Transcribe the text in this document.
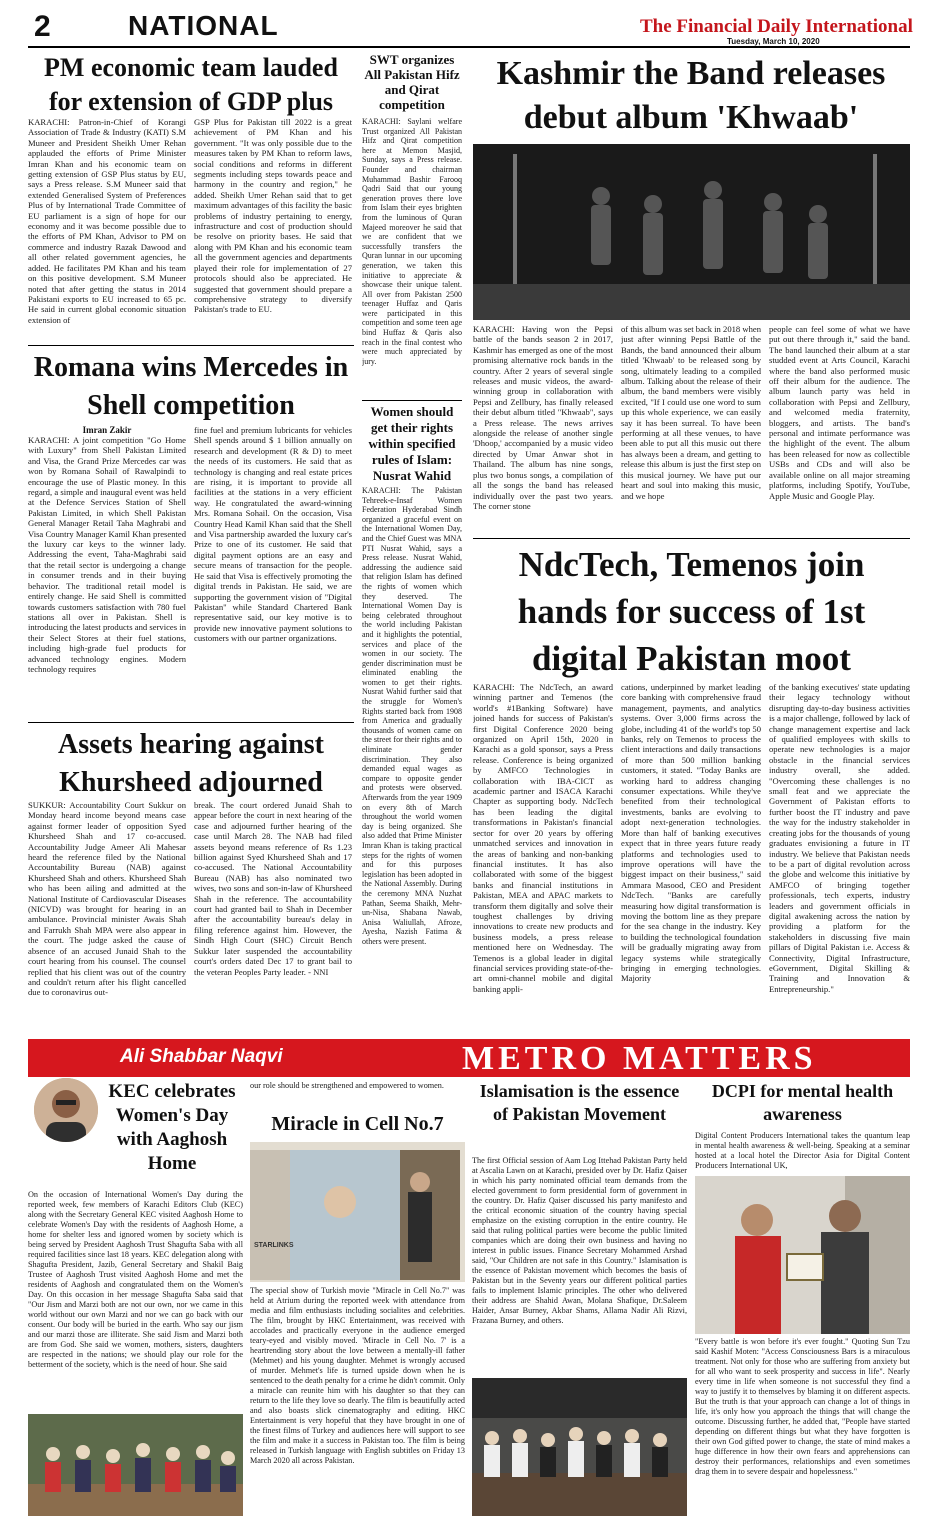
2	NATIONAL	The Financial Daily International
Tuesday, March 10, 2020
PM economic team lauded for extension of GDP plus
KARACHI: Patron-in-Chief of Korangi Association of Trade & Industry (KATI) S.M Muneer and President Sheikh Umer Rehan applauded the efforts of Prime Minister Imran Khan and his economic team on getting extension of GSP Plus status by EU, says a Press release. S.M Muneer said that extended Generalised System of Preferences Plus of by International Trade Committee of EU parliament is a sign of hope for our economy and it was become possible due to the efforts of PM Khan, Advisor to PM on commerce and industry Razak Dawood and all other related government agencies, he added. He facilitates PM Khan and his team on this positive development. S.M Muneer noted that after getting the status in 2014 Pakistani exports to EU increased to 65 pc. He said in current global economic situation extension of
GSP Plus for Pakistan till 2022 is a great achievement of PM Khan and his government. "It was only possible due to the measures taken by PM Khan to reform laws, social conditions and reforms in different segments including steps towards peace and harmony in the country and region," he added. Sheikh Umer Rehan said that to get maximum advantages of this facility the basic problems of industry pertaining to energy, infrastructure and cost of production should be resolve on priority bases. He said that along with PM Khan and his economic team all the government agencies and departments played their role for implementation of 27 protocols should also be appreciated. He suggested that government should prepare a comprehensive strategy to diversify Pakistan's trade to EU.
SWT organizes All Pakistan Hifz and Qirat competition
KARACHI: Saylani welfare Trust organized All Pakistan Hifz and Qirat competition here at Memon Masjid, Sunday, says a Press release. Founder and chairman Muhammad Bashir Farooq Qadri Said that our young generation proves there love from Islam their eyes brighten from the luminous of Quran Majeed moreover he said that we are confident that we successfully transfers the Quran lunnar in our upcoming generation, we taken this initiative to appreciate & showcase their unique talent. All over from Pakistan 2500 teenager Huffaz and Qaris were participated in this competition and some teen age bind Huffaz & Qaris also reach in the final contest who were much appreciated by jury.
Kashmir the Band releases debut album 'Khwaab'
KARACHI: Having won the Pepsi battle of the bands season 2 in 2017, Kashmir has emerged as one of the most promising alternative rock bands in the country. After 2 years of several single releases and music videos, the award-winning group in collaboration with Pepsi and Zellbury, has finally released their debut album titled "Khwaab", says a Press release. The news arrives alongside the release of another single 'Dhoop,' accompanied by a music video directed by Umar Anwar shot in Thailand. The album has nine songs, plus two bonus songs, a compilation of all the songs the band has released individually over the past two years. The corner stone
of this album was set back in 2018 when just after winning Pepsi Battle of the Bands, the band announced their album titled 'Khwaab' to be released song by song, ultimately leading to a compiled album. Talking about the release of their album, the band members were visibly excited, "If I could use one word to sum up this whole experience, we can easily say it has been surreal. To have been performing at all these venues, to have been able to put all this music out there has always been a dream, and getting to release this album is just the first step on this musical journey. We have put our heart and soul into making this music, and we hope
people can feel some of what we have put out there through it," said the band. The band launched their album at a star studded event at Arts Council, Karachi where the band also performed music off their album for the audience. The album launch party was held in collaboration with Pepsi and Zellbury, and welcomed media fraternity, bloggers, and artists. The band's personal and intimate performance was the highlight of the event. The album has been released for now as collectible USBs and CDs and will also be available online on all major streaming platforms, including Spotify, YouTube, Apple Music and Google Play.
Romana wins Mercedes in Shell competition
Imran Zakir
KARACHI: A joint competition "Go Home with Luxury" from Shell Pakistan Limited and Visa, the Grand Prize Mercedes car was won by Romana Sohail of Rawalpindi to encourage the use of Plastic money. In this regard, a simple and inaugural event was held at the Defence Services Station of Shell Pakistan Limited, in which Shell Pakistan General Manager Retail Taha Maghrabi and Visa Country Manager Kamil Khan presented the luxury car keys to the winner lady. Addressing the event, Taha-Maghrabi said that the retail sector is undergoing a change in consumer trends and in their buying behavior. The traditional retail model is entirely change. He said Shell is committed towards customers satisfaction with 780 fuel stations all over in Pakistan. Shell is introducing the latest products and services in their Select Stores at their fuel stations, including high-grade fuel products for advanced technology engines. Modern technology requires
fine fuel and premium lubricants for vehicles Shell spends around $ 1 billion annually on research and development (R & D) to meet the needs of its customers. He said that as technology is changing and real estate prices are rising, it is important to provide all facilities at the stations in a very efficient way. He congratulated the award-winning Mrs. Romana Sohail. On the occasion, Visa Country Head Kamil Khan said that the Shell and Visa partnership awarded the luxury car's Prize to one of its customer. He said that digital payment options are an easy and secure means of transaction for the people. He said that Visa is effectively promoting the digital trends in Pakistan. He said, we are supporting the government vision of "Digital Pakistan" while Standard Chartered Bank representative said, our key motive is to provide new innovative payment solutions to customers with our partner organizations.
Women should get their rights within specified rules of Islam: Nusrat Wahid
KARACHI: The Pakistan Tehreek-e-Insaf Women Federation Hyderabad Sindh organized a graceful event on the International Women Day, and the Chief Guest was MNA PTI Nusrat Wahid, says a Press release. Nusrat Wahid, addressing the audience said that religion Islam has defined the rights of women which they deserved. The International Women Day is being celebrated throughout the world including Pakistan and it highlights the potential, services and place of the women in our society. The gender discrimination must be eliminated enabling the women to get their rights. Nusrat Wahid further said that the struggle for Women's Rights started back from 1908 from America and gradually thousands of women came on the street for their rights and to eliminate gender discrimination. They also demanded equal wages as compare to opposite gender and protests were observed. Afterwards from the year 1909 on every 8th of March throughout the world women day is being organized. She also added that Prime Minister Imran Khan is taking practical steps for the rights of women and for this purposes legislation has been adopted in the National Assembly. During the ceremony MNA Nuzhat Pathan, Seema Shaikh, Mehr-un-Nisa, Shabana Nawab, Anisa Waliullah, Afroze, Ayesha, Nazish Fatima & others were present.
NdcTech, Temenos join hands for success of 1st digital Pakistan moot
KARACHI: The NdcTech, an award winning partner and Temenos (the world's #1Banking Software) have joined hands for success of Pakistan's first Digital Conference 2020 being organized on April 15th, 2020 in Karachi as a gold sponsor, says a Press release. Conference is being organized by AMFCO Technologies in collaboration with IBA-CICT as academic partner and ISACA Karachi Chapter as supporting body. NdcTech has been leading the digital transformations in Pakistan's financial sector for over 20 years by offering unmatched services and innovation in the areas of banking and non-banking financial institutes. It has also collaborated with some of the biggest banks and financial institutions in Pakistan, MEA and APAC markets to transform them digitally and solve their toughest challenges by driving innovations to create new products and business models, a press release mentioned here on Wednesday. The Temenos is a global leader in digital financial services providing state-of-the-art omni-channel mobile and digital banking appli-
cations, underpinned by market leading core banking with comprehensive fraud management, payments, and analytics systems. Over 3,000 firms across the globe, including 41 of the world's top 50 banks, rely on Temenos to process the client interactions and daily transactions of more than 500 million banking customers, it stated. "Today Banks are working hard to address changing consumer expectations. While they've benefited from their technological investments, banks are evolving to adopt next-generation technologies. More than half of banking executives expect that in three years future ready platforms and technologies used to improve operations will have the biggest impact on their business," said Ammara Masood, CEO and President NdcTech. "Banks are carefully measuring how digital transformation is moving the bottom line as they prepare for the sea change in the industry. Key to building the technological foundation will be gradually migrating away from legacy systems while strategically bringing in emerging technologies. Majority
of the banking executives' state updating their legacy technology without disrupting day-to-day business activities is a major challenge, followed by lack of change management expertise and lack of qualified employees with skills to operate new technologies is a major obstacle in the financial services industry overall, she added. "Overcoming these challenges is no small feat and we appreciate the Government of Pakistan efforts to further boost the IT industry and pave the way for the industry stakeholder in creating jobs for the thousands of young graduates envisioning a future in IT industry. We believe that Pakistan needs to be a part of digital revolution across the globe and welcome this initiative by AMFCO of bringing together professionals, tech experts, industry leaders and government officials in digital awakening across the nation by providing a platform for the stakeholders in discussing five main pillars of Digital Pakistan i.e. Access & Connectivity, Digital Infrastructure, eGovernment, Digital Skilling & Training and Innovation & Entrepreneurship."
Assets hearing against Khursheed adjourned
SUKKUR: Accountability Court Sukkur on Monday heard income beyond means case against former leader of opposition Syed Khursheed Shah and 17 co-accused. Accountability Judge Ameer Ali Mahesar heard the reference filed by the National Accountability Bureau (NAB) against Khursheed Shah and others. Khursheed Shah who has been ailing and admitted at the National Institute of Cardiovascular Diseases (NICVD) was brought for hearing in an ambulance. Provincial minister Awais Shah and Farrukh Shah MPA were also appear in the court. The judge asked the cause of absence of an accused Junaid Shah to the court hearing from his counsel. The counsel replied that his client was out of the country and couldn't return after his flight cancelled due to coronavirus out-
break. The court ordered Junaid Shah to appear before the court in next hearing of the case and adjourned further hearing of the case until March 28. The NAB had filed assets beyond means reference of Rs 1.23 billion against Syed Khursheed Shah and 17 co-accused. The National Accountability Bureau (NAB) has also nominated two wives, two sons and son-in-law of Khursheed Shah in the reference. The accountability court had granted bail to Shah in December after the accountability bureau's delay in filing reference against him. However, the Sindh High Court (SHC) Circuit Bench Sukkur later suspended the accountability court's orders dated Dec 17 to grant bail to the veteran Peoples Party leader. - NNI
Ali Shabbar Naqvi	METRO MATTERS
KEC celebrates Women's Day with Aaghosh Home
On the occasion of International Women's Day during the reported week, few members of Karachi Editors Club (KEC) along with the Secretary General KEC visited Aaghosh Home to celebrate Women's Day with the residents of Aaghosh Home, a home for shelter less and ignored women by society which is being served by President Aaghosh Trust Shagufta Saba with all required facilities since last 18 years. KEC delegation along with Shagufta President, Jazib, General Secretary and Shakil Baig Trustee of Aaghosh Trust visited Aaghosh Home and met the residents of Aaghosh and congratulated them on the Women's Day. On this occasion in her message Shagufta Saba said that "Our Jism and Marzi both are not our own, nor we came in this world without our own Marzi and nor we can go back with our consent. Our body will be buried in the earth. Who say our jism and our marzi those are illiterate. She said Jism and Marzi both are from God. She said we women, mothers, sisters, daughters are respected in the nations; we should play our role for the betterment of the society, which is the need of hour. She said
our role should be strengthened and empowered to women.
Miracle in Cell No.7
STARLINKS
The special show of Turkish movie "Miracle in Cell No.7" was held at Atrium during the reported week with attendance from media and film enthusiasts including socialites and celebrities. The film, brought by HKC Entertainment, was received with accolades and practically everyone in the audience emerged teary-eyed and visibly moved. 'Miracle in Cell No. 7' is a heartrending story about the love between a mentally-ill father (Mehmet) and his young daughter. Mehmet is wrongly accused of murder. Mehmet's life is turned upside down when he is sentenced to the death penalty for a crime he didn't commit. Only a miracle can reunite him with his daughter so that they can return to the life they love so dearly. The film is beautifully acted and also boasts slick cinematography and editing. HKC Entertainment is very hopeful that they have brought in one of the finest films of Turkey and audiences here will support to see the film and make it a success in Pakistan too. The film is being released in Turkish language with English subtitles on Friday 13 March 2020 all across Pakistan.
Islamisation is the essence of Pakistan Movement
The first Official session of Aam Log Ittehad Pakistan Party held at Ascalia Lawn on at Karachi, presided over by Dr. Hafiz Qaiser in which his party nominated official team demands from the elected government to form presidential form of government in the country. Dr. Hafiz Qaiser discussed his party manifesto and the critical economic situation of the country having special emphasize on the existing corruption in the entire country. He said that ruling political parties were become the public limited companies which are doing their own business and having no interest in public issues. Finance Secretary Mohammed Arshad said, "Our Children are not safe in this Country." Islamisation is the essence of Pakistan movement which becomes the basis of Pakistan but in the Seventy years our different political parties fails to implement Islamic principles. The other who delivered their address are Shahid Awan, Molana Shafique, Dr.Saleem Haider, Ansar Burney, Akbar Shams, Allama Nadir Ali Rizvi, Frazana Burney, and others.
DCPI for mental health awareness
Digital Content Producers International takes the quantum leap in mental health awareness & well-being. Speaking at a seminar hosted at a local hotel the Director Asia for Digital Content Producers International UK,
"Every battle is won before it's ever fought." Quoting Sun Tzu said Kashif Moten: "Access Consciousness Bars is a miraculous treatment. Not only for those who are suffering from anxiety but for all who want to seek prosperity and success in life". Nearly every time in life when someone is not successful they find a way to justify it to themselves by blaming it on different aspects. But the truth is that your approach can change a lot of things in life, it's only how you approach the things that will change the outcome. Discussing further, he added that, "People have started depending on different things but what they have forgotten is their own God gifted power to change, the state of mind makes a huge difference in how their own fears and apprehensions can destroy their performances, relationships and even sometimes drag them in to severe despair and hopelessness."
